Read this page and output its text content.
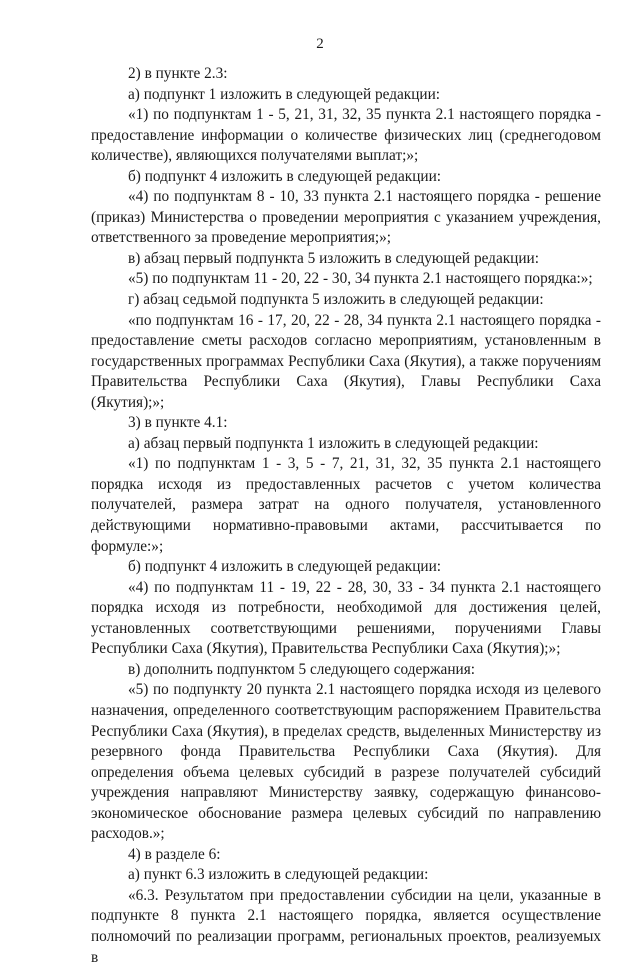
2

2) в пункте 2.3:

а) подпункт 1 изложить в следующей редакции:

«1) по подпунктам 1 - 5, 21, 31, 32, 35 пункта 2.1 настоящего порядка - предоставление информации о количестве физических лиц (среднегодовом количестве), являющихся получателями выплат;»;

б) подпункт 4 изложить в следующей редакции:

«4) по подпунктам 8 - 10, 33 пункта 2.1 настоящего порядка - решение (приказ) Министерства о проведении мероприятия с указанием учреждения, ответственного за проведение мероприятия;»;

в) абзац первый подпункта 5 изложить в следующей редакции:

«5) по подпунктам 11 - 20, 22 - 30, 34 пункта 2.1 настоящего порядка:»;

г) абзац седьмой подпункта 5 изложить в следующей редакции:

«по подпунктам 16 - 17, 20, 22 - 28, 34 пункта 2.1 настоящего порядка - предоставление сметы расходов согласно мероприятиям, установленным в государственных программах Республики Саха (Якутия), а также поручениям Правительства Республики Саха (Якутия), Главы Республики Саха (Якутия);»;

3) в пункте 4.1:

а) абзац первый подпункта 1 изложить в следующей редакции:

«1) по подпунктам 1 - 3, 5 - 7, 21, 31, 32, 35 пункта 2.1 настоящего порядка исходя из предоставленных расчетов с учетом количества получателей, размера затрат на одного получателя, установленного действующими нормативно-правовыми актами, рассчитывается по формуле:»;

б) подпункт 4 изложить в следующей редакции:

«4) по подпунктам 11 - 19, 22 - 28, 30, 33 - 34 пункта 2.1 настоящего порядка исходя из потребности, необходимой для достижения целей, установленных соответствующими решениями, поручениями Главы Республики Саха (Якутия), Правительства Республики Саха (Якутия);»;

в) дополнить подпунктом 5 следующего содержания:

«5) по подпункту 20 пункта 2.1 настоящего порядка исходя из целевого назначения, определенного соответствующим распоряжением Правительства Республики Саха (Якутия), в пределах средств, выделенных Министерству из резервного фонда Правительства Республики Саха (Якутия). Для определения объема целевых субсидий в разрезе получателей субсидий учреждения направляют Министерству заявку, содержащую финансово-экономическое обоснование размера целевых субсидий по направлению расходов.»;

4) в разделе 6:

а) пункт 6.3 изложить в следующей редакции:

«6.3. Результатом при предоставлении субсидии на цели, указанные в подпункте 8 пункта 2.1 настоящего порядка, является осуществление полномочий по реализации программ, региональных проектов, реализуемых в
